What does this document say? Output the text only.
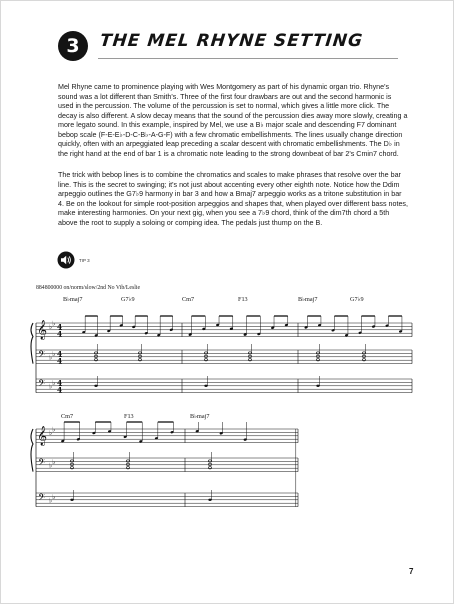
3	THE MEL RHYNE SETTING

Mel Rhyne came to prominence playing with Wes Montgomery as part of his dynamic organ trio. Rhyne's sound was a lot different than Smith's. Three of the first four drawbars are out and the second harmonic is used in the percussion. The volume of the percussion is set to normal, which gives a little more click. The decay is also different. A slow decay means that the sound of the percussion dies away more slowly, creating a more legato sound. In this example, inspired by Mel, we use a B♭ major scale and descending F7 dominant bebop scale (F-E-E♭-D-C-B♭-A-G-F) with a few chromatic embellishments. The lines usually change direction quickly, often with an arpeggiated leap preceding a scalar descent with chromatic embellishments. The D♭ in the right hand at the end of bar 1 is a chromatic note leading to the strong downbeat of bar 2's Cmin7 chord.

The trick with bebop lines is to combine the chromatics and scales to make phrases that resolve over the bar line. This is the secret to swinging; it's not just about accenting every other eighth note. Notice how the Ddim arpeggio outlines the G7♭9 harmony in bar 3 and how a Bmaj7 arpeggio works as a tritone substitution in bar 4. Be on the lookout for simple root-position arpeggios and shapes that, when played over different bass notes, make interesting harmonies. On your next gig, when you see a 7♭9 chord, think of the dim7th chord a 5th above the root to supply a soloing or comping idea. The pedals just thump on the B.

TIP 3
884800000 on/norm/slow/2nd No Vib/Leslie
𝄞
𝄢
𝄢
♭ ♭
♭ ♭
♭ ♭
4
4
4
4
4
4
𝄞
𝄢
𝄢
♭ ♭
♭ ♭
♭ ♭
B♭maj7	G7♭9	Cm7	F13	B♭maj7	G7♭9
Cm7	F13	B♭maj7
7
